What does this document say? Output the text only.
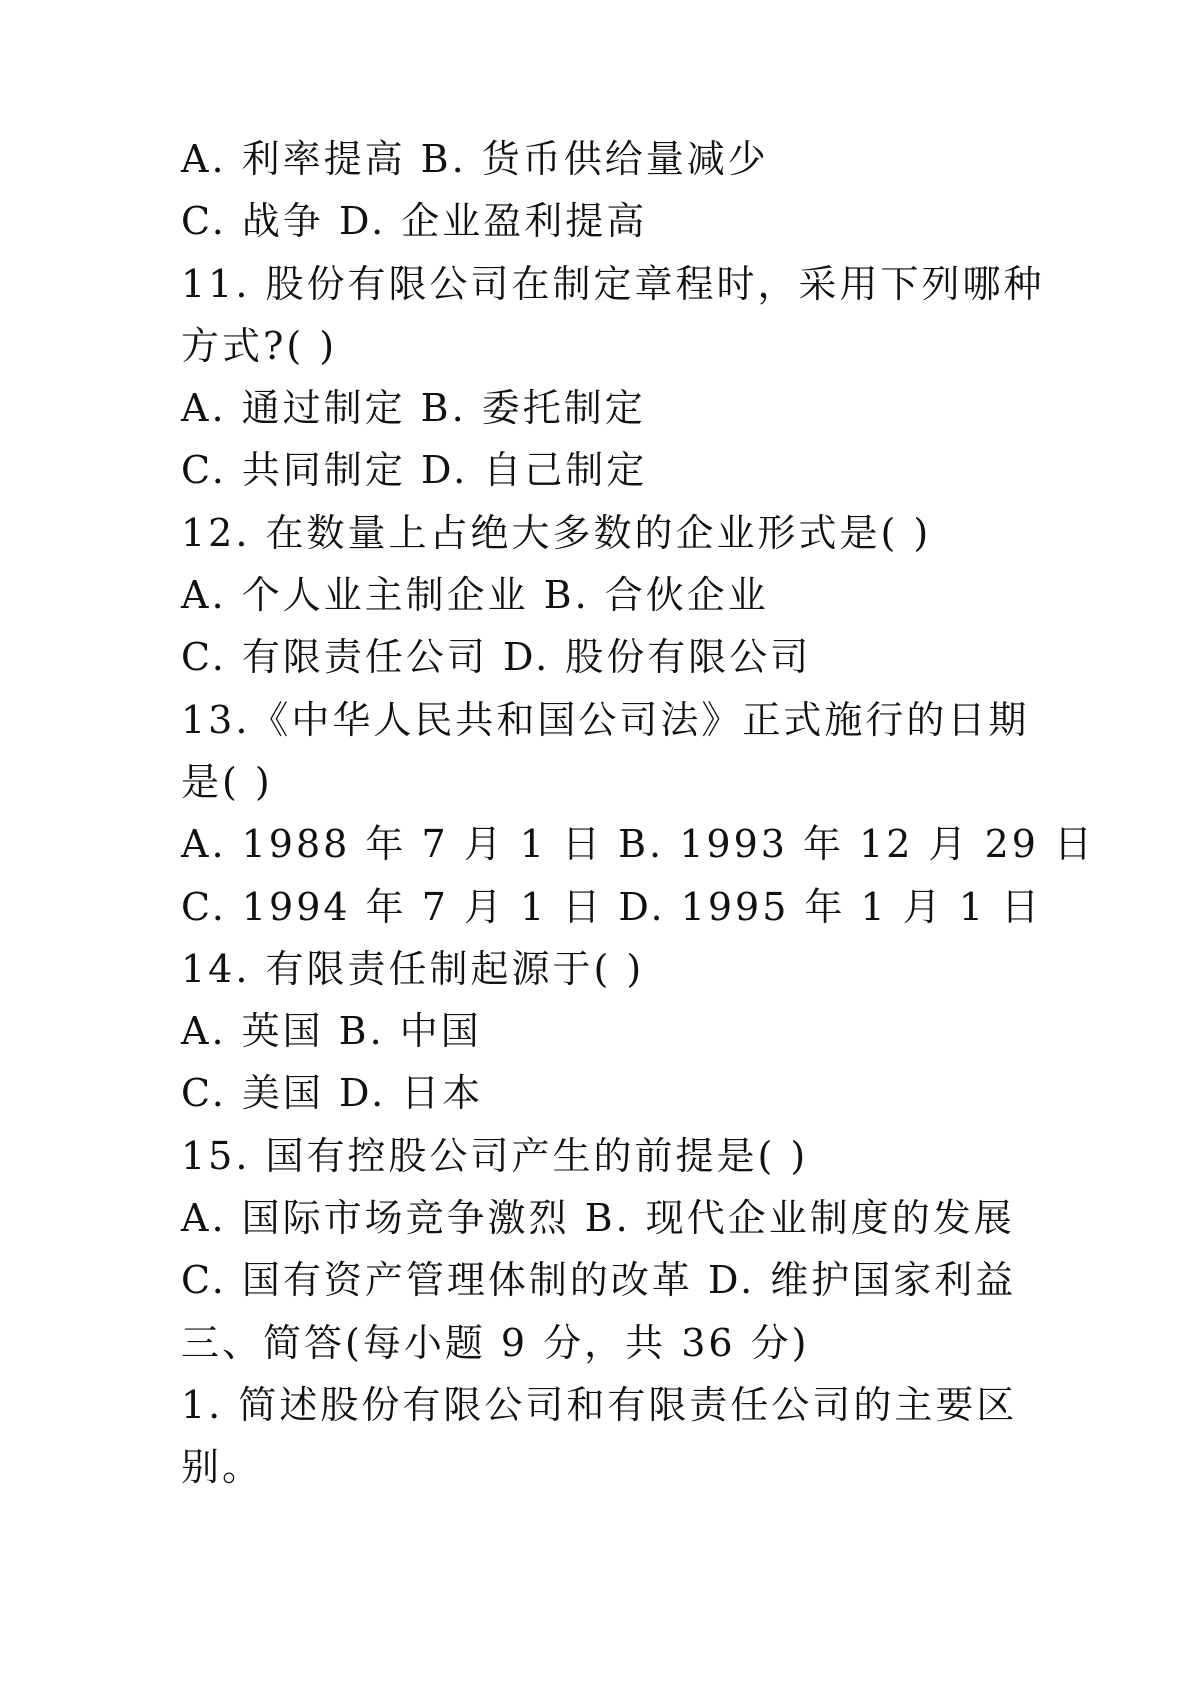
A. 利率提高 B. 货币供给量减少
C. 战争 D. 企业盈利提高
11. 股份有限公司在制定章程时，采用下列哪种
方式?( )
A. 通过制定 B. 委托制定
C. 共同制定 D. 自己制定
12. 在数量上占绝大多数的企业形式是( )
A. 个人业主制企业 B. 合伙企业
C. 有限责任公司 D. 股份有限公司
13.《中华人民共和国公司法》正式施行的日期
是( )
A. 1988 年 7 月 1 日 B. 1993 年 12 月 29 日
C. 1994 年 7 月 1 日 D. 1995 年 1 月 1 日
14. 有限责任制起源于( )
A. 英国 B. 中国
C. 美国 D. 日本
15. 国有控股公司产生的前提是( )
A. 国际市场竞争激烈 B. 现代企业制度的发展
C. 国有资产管理体制的改革 D. 维护国家利益
三、简答(每小题 9 分，共 36 分)
1. 简述股份有限公司和有限责任公司的主要区
别。
